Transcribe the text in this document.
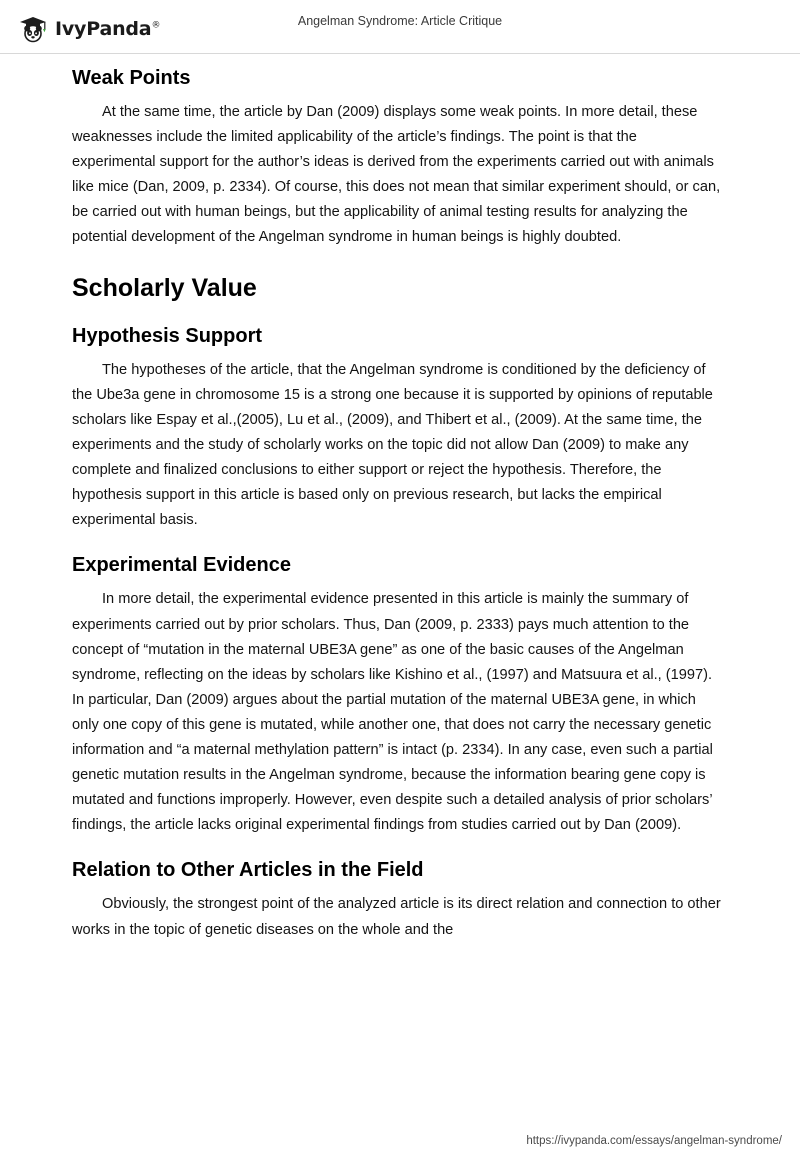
IvyPanda®	Angelman Syndrome: Article Critique
Weak Points

At the same time, the article by Dan (2009) displays some weak points. In more detail, these weaknesses include the limited applicability of the article’s findings. The point is that the experimental support for the author’s ideas is derived from the experiments carried out with animals like mice (Dan, 2009, p. 2334). Of course, this does not mean that similar experiment should, or can, be carried out with human beings, but the applicability of animal testing results for analyzing the potential development of the Angelman syndrome in human beings is highly doubted.

Scholarly Value
Hypothesis Support

The hypotheses of the article, that the Angelman syndrome is conditioned by the deficiency of the Ube3a gene in chromosome 15 is a strong one because it is supported by opinions of reputable scholars like Espay et al.,(2005), Lu et al., (2009), and Thibert et al., (2009). At the same time, the experiments and the study of scholarly works on the topic did not allow Dan (2009) to make any complete and finalized conclusions to either support or reject the hypothesis. Therefore, the hypothesis support in this article is based only on previous research, but lacks the empirical experimental basis.

Experimental Evidence

In more detail, the experimental evidence presented in this article is mainly the summary of experiments carried out by prior scholars. Thus, Dan (2009, p. 2333) pays much attention to the concept of “mutation in the maternal UBE3A gene” as one of the basic causes of the Angelman syndrome, reflecting on the ideas by scholars like Kishino et al., (1997) and Matsuura et al., (1997). In particular, Dan (2009) argues about the partial mutation of the maternal UBE3A gene, in which only one copy of this gene is mutated, while another one, that does not carry the necessary genetic information and “a maternal methylation pattern” is intact (p. 2334). In any case, even such a partial genetic mutation results in the Angelman syndrome, because the information bearing gene copy is mutated and functions improperly. However, even despite such a detailed analysis of prior scholars’ findings, the article lacks original experimental findings from studies carried out by Dan (2009).

Relation to Other Articles in the Field

Obviously, the strongest point of the analyzed article is its direct relation and connection to other works in the topic of genetic diseases on the whole and the

https://ivypanda.com/essays/angelman-syndrome/
